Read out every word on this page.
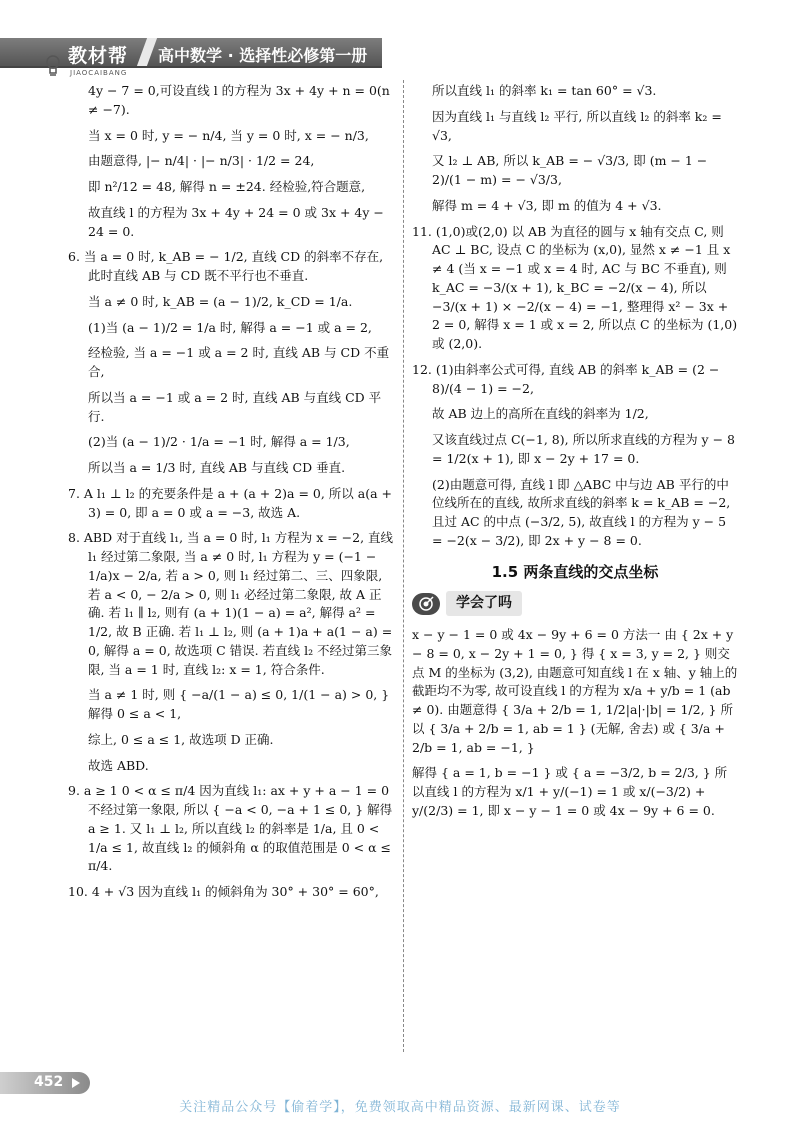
教材帮
JIAOCAIBANG
高中数学 · 选择性必修第一册

4y − 7 = 0,可设直线 l 的方程为 3x + 4y + n = 0(n ≠ −7).

当 x = 0 时, y = − n/4, 当 y = 0 时, x = − n/3,

由题意得, |− n/4| · |− n/3| · 1/2 = 24,

即 n²/12 = 48, 解得 n = ±24. 经检验,符合题意,

故直线 l 的方程为 3x + 4y + 24 = 0 或 3x + 4y − 24 = 0.

6. 当 a = 0 时, k_AB = − 1/2, 直线 CD 的斜率不存在, 此时直线 AB 与 CD 既不平行也不垂直.

当 a ≠ 0 时, k_AB = (a − 1)/2, k_CD = 1/a.

(1)当 (a − 1)/2 = 1/a 时, 解得 a = −1 或 a = 2,

经检验, 当 a = −1 或 a = 2 时, 直线 AB 与 CD 不重合,

所以当 a = −1 或 a = 2 时, 直线 AB 与直线 CD 平行.

(2)当 (a − 1)/2 · 1/a = −1 时, 解得 a = 1/3,

所以当 a = 1/3 时, 直线 AB 与直线 CD 垂直.

7. A l₁ ⊥ l₂ 的充要条件是 a + (a + 2)a = 0, 所以 a(a + 3) = 0, 即 a = 0 或 a = −3, 故选 A.

8. ABD 对于直线 l₁, 当 a = 0 时, l₁ 方程为 x = −2, 直线 l₁ 经过第二象限, 当 a ≠ 0 时, l₁ 方程为 y = (−1 − 1/a)x − 2/a, 若 a > 0, 则 l₁ 经过第二、三、四象限, 若 a < 0, − 2/a > 0, 则 l₁ 必经过第二象限, 故 A 正确. 若 l₁ ∥ l₂, 则有 (a + 1)(1 − a) = a², 解得 a² = 1/2, 故 B 正确. 若 l₁ ⊥ l₂, 则 (a + 1)a + a(1 − a) = 0, 解得 a = 0, 故选项 C 错误. 若直线 l₂ 不经过第三象限, 当 a = 1 时, 直线 l₂: x = 1, 符合条件.

当 a ≠ 1 时, 则 { −a/(1 − a) ≤ 0, 1/(1 − a) > 0, } 解得 0 ≤ a < 1,

综上, 0 ≤ a ≤ 1, 故选项 D 正确.

故选 ABD.

9. a ≥ 1 0 < α ≤ π/4 因为直线 l₁: ax + y + a − 1 = 0 不经过第一象限, 所以 { −a < 0, −a + 1 ≤ 0, } 解得 a ≥ 1. 又 l₁ ⊥ l₂, 所以直线 l₂ 的斜率是 1/a, 且 0 < 1/a ≤ 1, 故直线 l₂ 的倾斜角 α 的取值范围是 0 < α ≤ π/4.

10. 4 + √3 因为直线 l₁ 的倾斜角为 30° + 30° = 60°,

所以直线 l₁ 的斜率 k₁ = tan 60° = √3.

因为直线 l₁ 与直线 l₂ 平行, 所以直线 l₂ 的斜率 k₂ = √3,

又 l₂ ⊥ AB, 所以 k_AB = − √3/3, 即 (m − 1 − 2)/(1 − m) = − √3/3,

解得 m = 4 + √3, 即 m 的值为 4 + √3.

11. (1,0)或(2,0) 以 AB 为直径的圆与 x 轴有交点 C, 则 AC ⊥ BC, 设点 C 的坐标为 (x,0), 显然 x ≠ −1 且 x ≠ 4 (当 x = −1 或 x = 4 时, AC 与 BC 不垂直), 则 k_AC = −3/(x + 1), k_BC = −2/(x − 4), 所以 −3/(x + 1) × −2/(x − 4) = −1, 整理得 x² − 3x + 2 = 0, 解得 x = 1 或 x = 2, 所以点 C 的坐标为 (1,0) 或 (2,0).

12. (1)由斜率公式可得, 直线 AB 的斜率 k_AB = (2 − 8)/(4 − 1) = −2,

故 AB 边上的高所在直线的斜率为 1/2,

又该直线过点 C(−1, 8), 所以所求直线的方程为 y − 8 = 1/2(x + 1), 即 x − 2y + 17 = 0.

(2)由题意可得, 直线 l 即 △ABC 中与边 AB 平行的中位线所在的直线, 故所求直线的斜率 k = k_AB = −2, 且过 AC 的中点 (−3/2, 5), 故直线 l 的方程为 y − 5 = −2(x − 3/2), 即 2x + y − 8 = 0.

1.5 两条直线的交点坐标
学会了吗

x − y − 1 = 0 或 4x − 9y + 6 = 0 方法一 由 { 2x + y − 8 = 0, x − 2y + 1 = 0, } 得 { x = 3, y = 2, } 则交点 M 的坐标为 (3,2), 由题意可知直线 l 在 x 轴、y 轴上的截距均不为零, 故可设直线 l 的方程为 x/a + y/b = 1 (ab ≠ 0). 由题意得 { 3/a + 2/b = 1, 1/2|a|·|b| = 1/2, } 所以 { 3/a + 2/b = 1, ab = 1 } (无解, 舍去) 或 { 3/a + 2/b = 1, ab = −1, }

解得 { a = 1, b = −1 } 或 { a = −3/2, b = 2/3, } 所以直线 l 的方程为 x/1 + y/(−1) = 1 或 x/(−3/2) + y/(2/3) = 1, 即 x − y − 1 = 0 或 4x − 9y + 6 = 0.

452
关注精品公众号【偷着学】，免费领取高中精品资源、最新网课、试卷等
